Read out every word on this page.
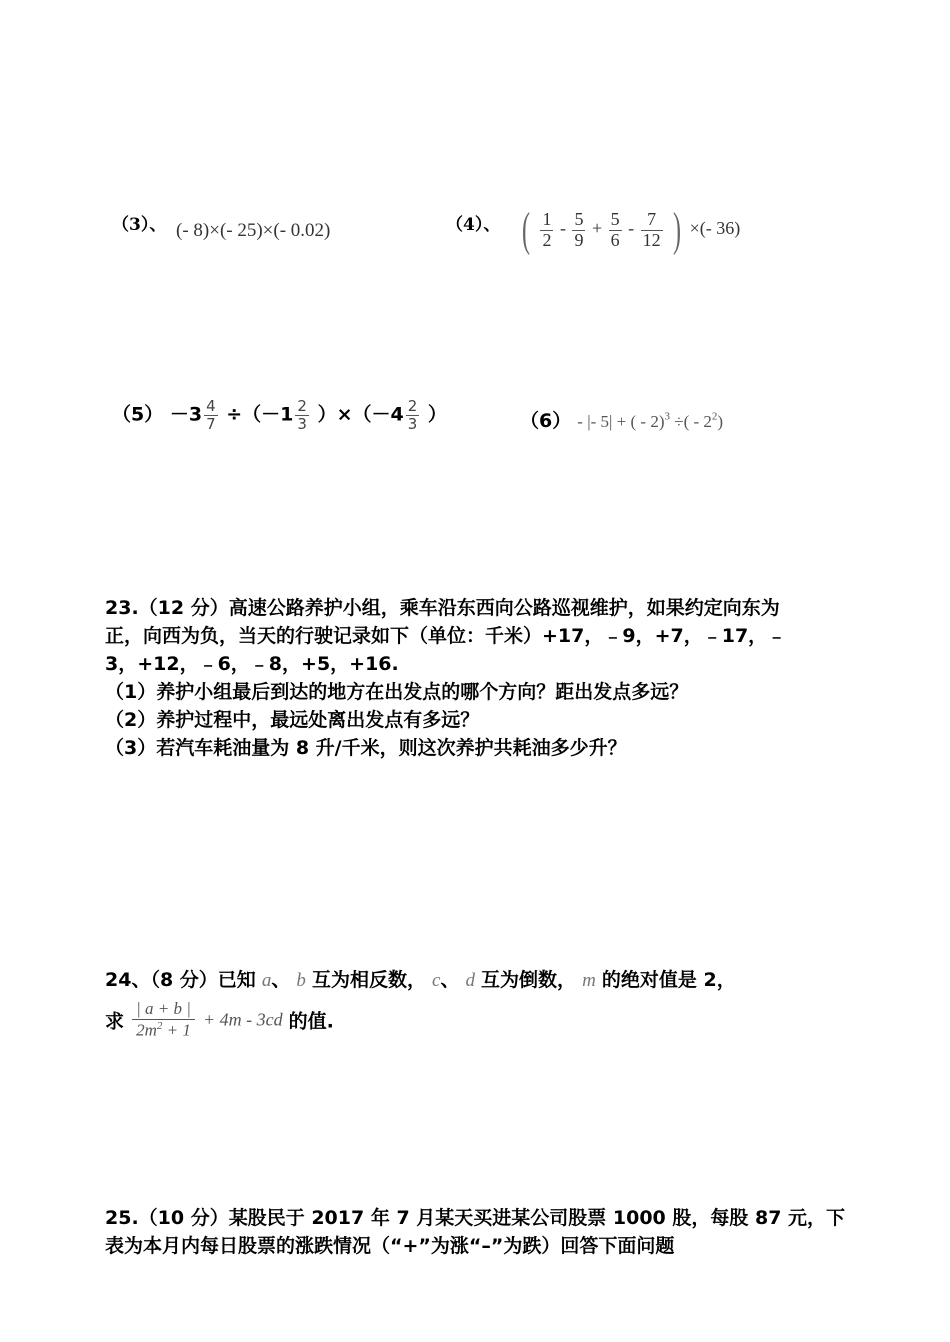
（3）、 (- 8)×(- 25)×(- 0.02)	（4）、 ( $\frac{1}{2} - \frac{5}{9} + \frac{5}{6} - \frac{7}{12}$ ) ×(- 36)
$(5) -3 \frac{4}{7} \div(-1 \frac{2}{3} )\times(-4 \frac{2}{3}$ ）	（6） - |- 5| + ( - 2)$^3$ ÷( - $2^2$)
23.（12 分）高速公路养护小组，乘车沿东西向公路巡视维护，如果约定向东为
正，向西为负，当天的行驶记录如下（单位：千米）+17，﹣9，+7，﹣17，﹣
3，+12，﹣6，﹣8，+5，+16.
（1）养护小组最后到达的地方在出发点的哪个方向？距出发点多远？
（2）养护过程中，最远处离出发点有多远？
（3）若汽车耗油量为 8 升/千米，则这次养护共耗油多少升？
24、（8 分）已知 a、 b 互为相反数， c、 d 互为倒数， m 的绝对值是 2，
求 $\frac{| a + b |}{2m^2 + 1} + 4m - 3cd$ 的值.
25.（10 分）某股民于 2017 年 7 月某天买进某公司股票 1000 股，每股 87 元，下
表为本月内每日股票的涨跌情况（“+”为涨“–”为跌）回答下面问题
